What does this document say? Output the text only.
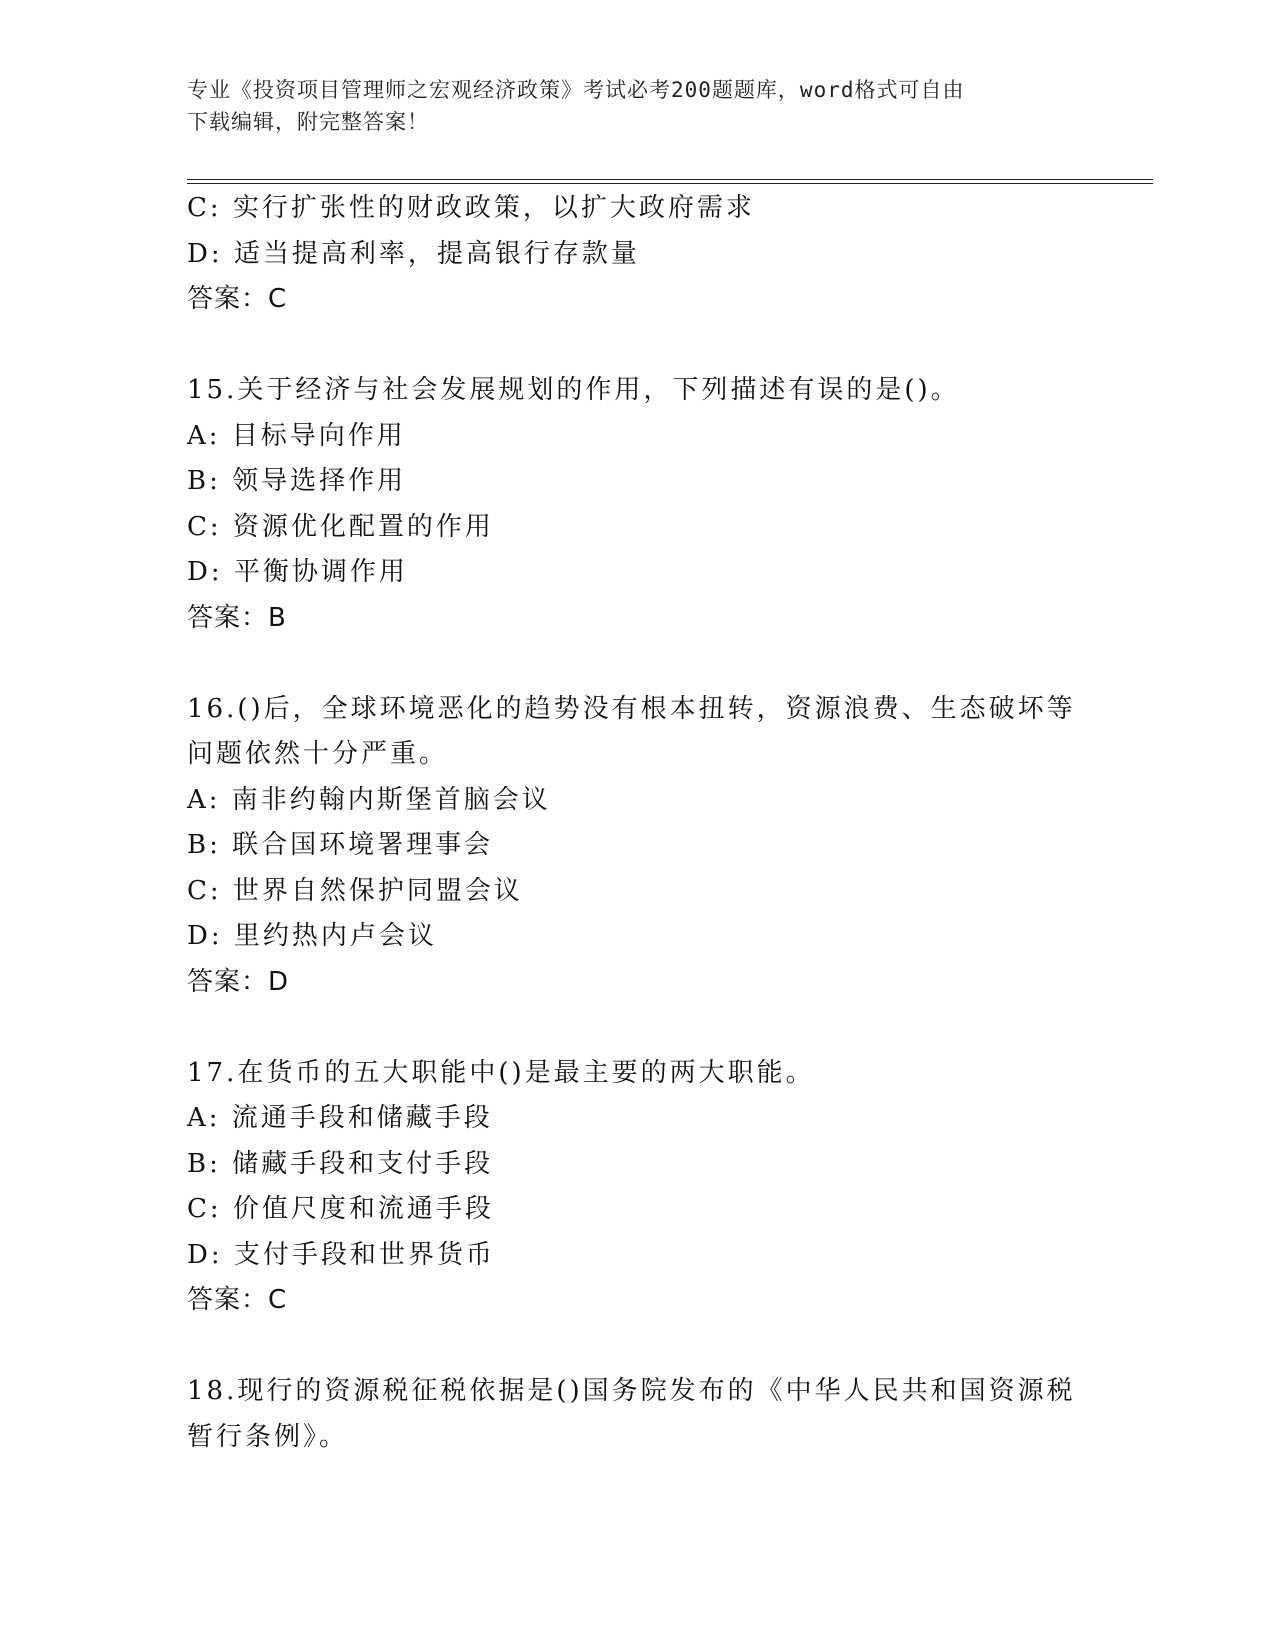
专业《投资项目管理师之宏观经济政策》考试必考200题题库，word格式可自由
下载编辑，附完整答案！
C: 实行扩张性的财政政策，以扩大政府需求
D: 适当提高利率，提高银行存款量
答案：C
15.关于经济与社会发展规划的作用，下列描述有误的是()。
A: 目标导向作用
B: 领导选择作用
C: 资源优化配置的作用
D: 平衡协调作用
答案：B
16.()后，全球环境恶化的趋势没有根本扭转，资源浪费、生态破坏等
问题依然十分严重。
A: 南非约翰内斯堡首脑会议
B: 联合国环境署理事会
C: 世界自然保护同盟会议
D: 里约热内卢会议
答案：D
17.在货币的五大职能中()是最主要的两大职能。
A: 流通手段和储藏手段
B: 储藏手段和支付手段
C: 价值尺度和流通手段
D: 支付手段和世界货币
答案：C
18.现行的资源税征税依据是()国务院发布的《中华人民共和国资源税
暂行条例》。
